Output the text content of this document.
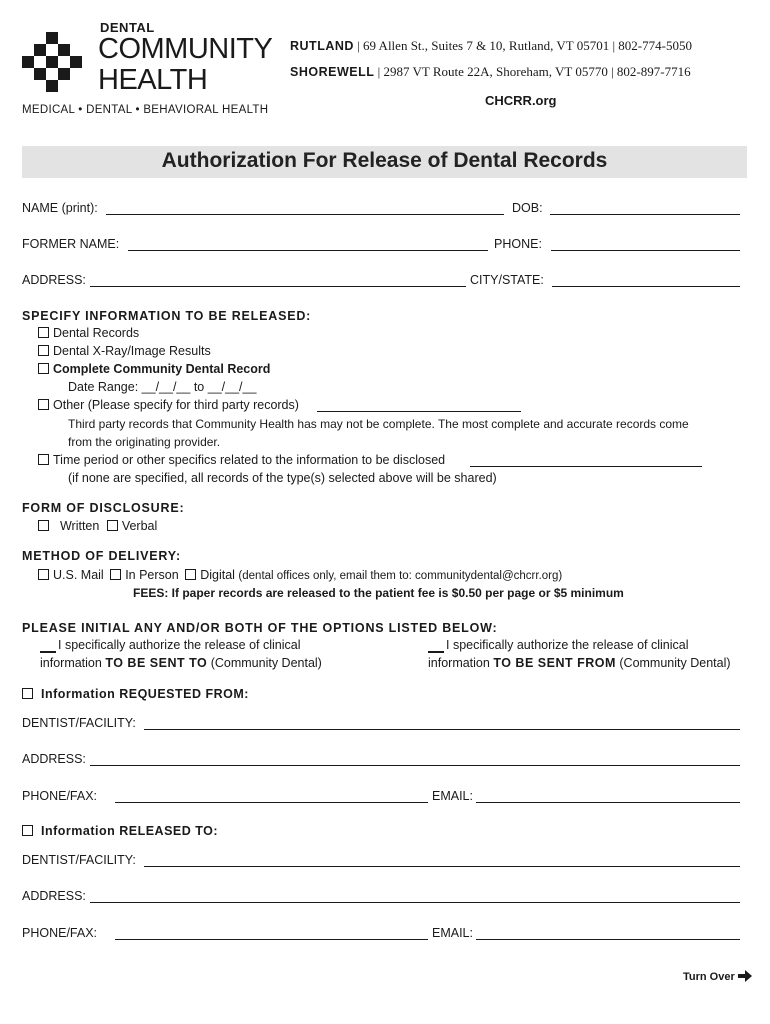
DENTAL
COMMUNITY
HEALTH
MEDICAL • DENTAL • BEHAVIORAL HEALTH
RUTLAND | 69 Allen St., Suites 7 & 10, Rutland, VT 05701 | 802-774-5050
SHOREWELL | 2987 VT Route 22A, Shoreham, VT 05770 | 802-897-7716
CHCRR.org
Authorization For Release of Dental Records
NAME (print):	DOB:
FORMER NAME:	PHONE:
ADDRESS:	CITY/STATE:
SPECIFY INFORMATION TO BE RELEASED:
Dental Records
Dental X-Ray/Image Results
Complete Community Dental Record
Date Range: __/__/__ to __/__/__
Other (Please specify for third party records)
Third party records that Community Health has may not be complete. The most complete and accurate records come
from the originating provider.
Time period or other specifics related to the information to be disclosed
(if none are specified, all records of the type(s) selected above will be shared)
FORM OF DISCLOSURE:
Written Verbal
METHOD OF DELIVERY:
U.S. Mail In Person Digital (dental offices only, email them to: communitydental@chcrr.org)
FEES: If paper records are released to the patient fee is $0.50 per page or $5 minimum
PLEASE INITIAL ANY AND/OR BOTH OF THE OPTIONS LISTED BELOW:
I specifically authorize the release of clinical
information TO BE SENT TO (Community Dental)
I specifically authorize the release of clinical
information TO BE SENT FROM (Community Dental)
Information REQUESTED FROM:
DENTIST/FACILITY:
ADDRESS:
PHONE/FAX:	EMAIL:
Information RELEASED TO:
DENTIST/FACILITY:
ADDRESS:
PHONE/FAX:	EMAIL:
Turn Over
